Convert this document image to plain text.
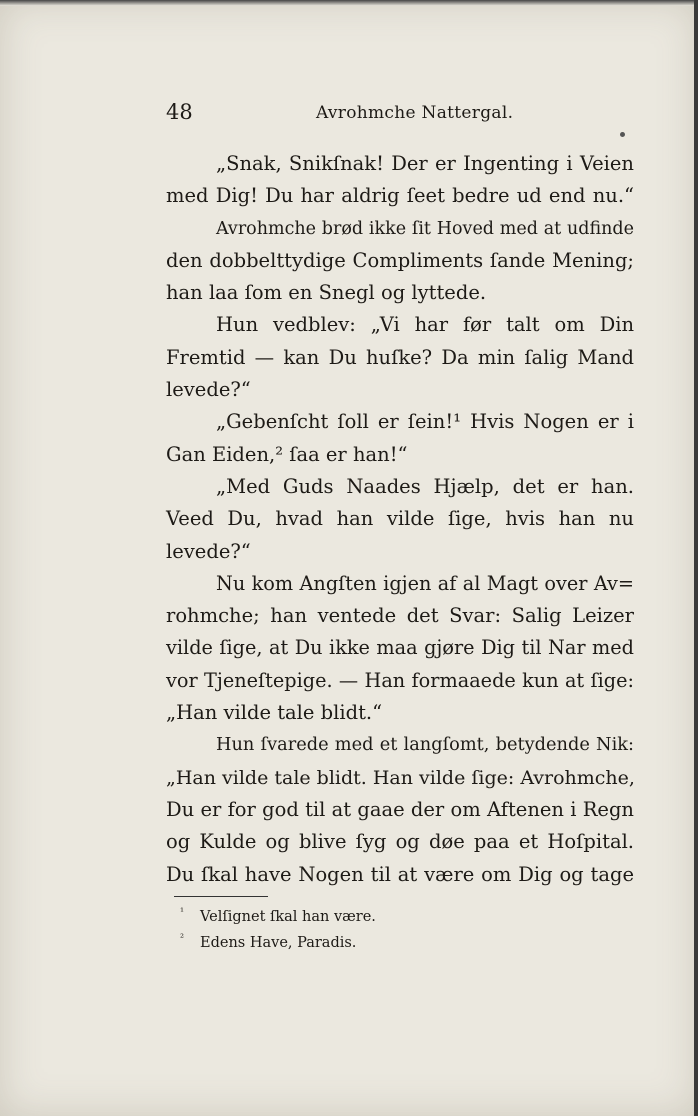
48	Avrohmche Nattergal.
„Snak, Snikſnak! Der er Ingenting i Veien
med Dig! Du har aldrig ſeet bedre ud end nu.“
Avrohmche brød ikke ſit Hoved med at udfinde
den dobbelttydige Compliments ſande Mening;
han laa ſom en Snegl og lyttede.
Hun vedblev: „Vi har før talt om Din
Fremtid — kan Du huſke? Da min ſalig Mand
levede?“
„Gebenſcht ſoll er ſein!¹ Hvis Nogen er i
Gan Eiden,² ſaa er han!“
„Med Guds Naades Hjælp, det er han.
Veed Du, hvad han vilde ſige, hvis han nu
levede?“
Nu kom Angſten igjen af al Magt over Av=
rohmche; han ventede det Svar: Salig Leizer
vilde ſige, at Du ikke maa gjøre Dig til Nar med
vor Tjeneſtepige. — Han formaaede kun at ſige:
„Han vilde tale blidt.“
Hun ſvarede med et langſomt, betydende Nik:
„Han vilde tale blidt. Han vilde ſige: Avrohmche,
Du er for god til at gaae der om Aftenen i Regn
og Kulde og blive ſyg og døe paa et Hoſpital.
Du ſkal have Nogen til at være om Dig og tage
¹ Velſignet ſkal han være.
² Edens Have, Paradis.
